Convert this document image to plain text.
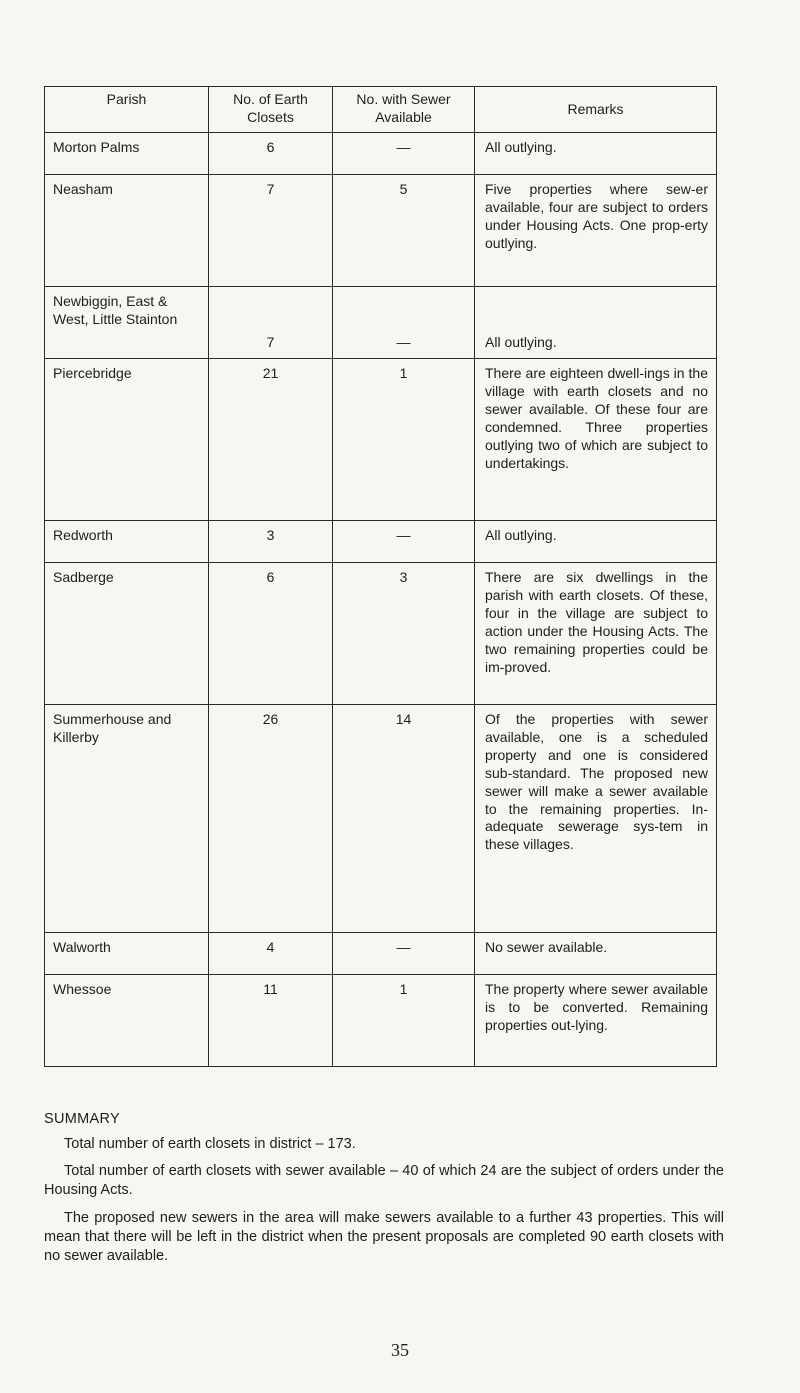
Parish	No. of Earth Closets	No. with Sewer Available	Remarks
Morton Palms	6	—	All outlying.
Neasham	7	5	Five properties where sew-er available, four are subject to orders under Housing Acts. One prop-erty outlying.
Newbiggin, East & West, Little Stainton	7	—	All outlying.
Piercebridge	21	1	There are eighteen dwell-ings in the village with earth closets and no sewer available. Of these four are condemned. Three properties outlying two of which are subject to undertakings.
Redworth	3	—	All outlying.
Sadberge	6	3	There are six dwellings in the parish with earth closets. Of these, four in the village are subject to action under the Housing Acts. The two remaining properties could be im-proved.
Summerhouse and Killerby	26	14	Of the properties with sewer available, one is a scheduled property and one is considered sub-standard. The proposed new sewer will make a sewer available to the remaining properties. In-adequate sewerage sys-tem in these villages.
Walworth	4	—	No sewer available.
Whessoe	11	1	The property where sewer available is to be converted. Remaining properties out-lying.
SUMMARY

Total number of earth closets in district – 173.

Total number of earth closets with sewer available – 40 of which 24 are the subject of orders under the Housing Acts.

The proposed new sewers in the area will make sewers available to a further 43 properties. This will mean that there will be left in the district when the present proposals are completed 90 earth closets with no sewer available.

35
